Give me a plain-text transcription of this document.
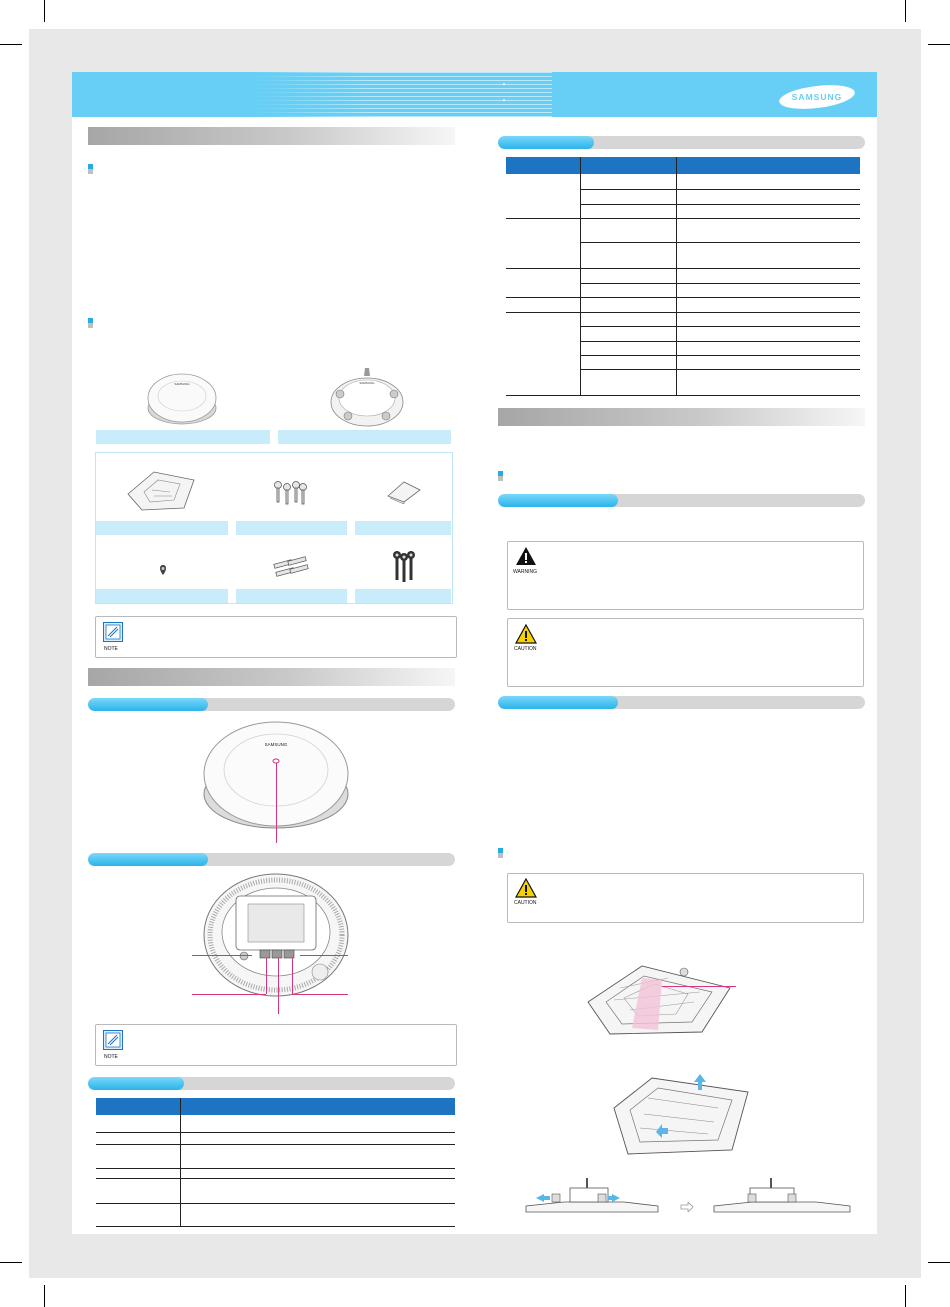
SAMSUNG
SAMSUNG	SAMSUNG
NOTE
SAMSUNG
NOTE
WARNING
CAUTION
CAUTION
